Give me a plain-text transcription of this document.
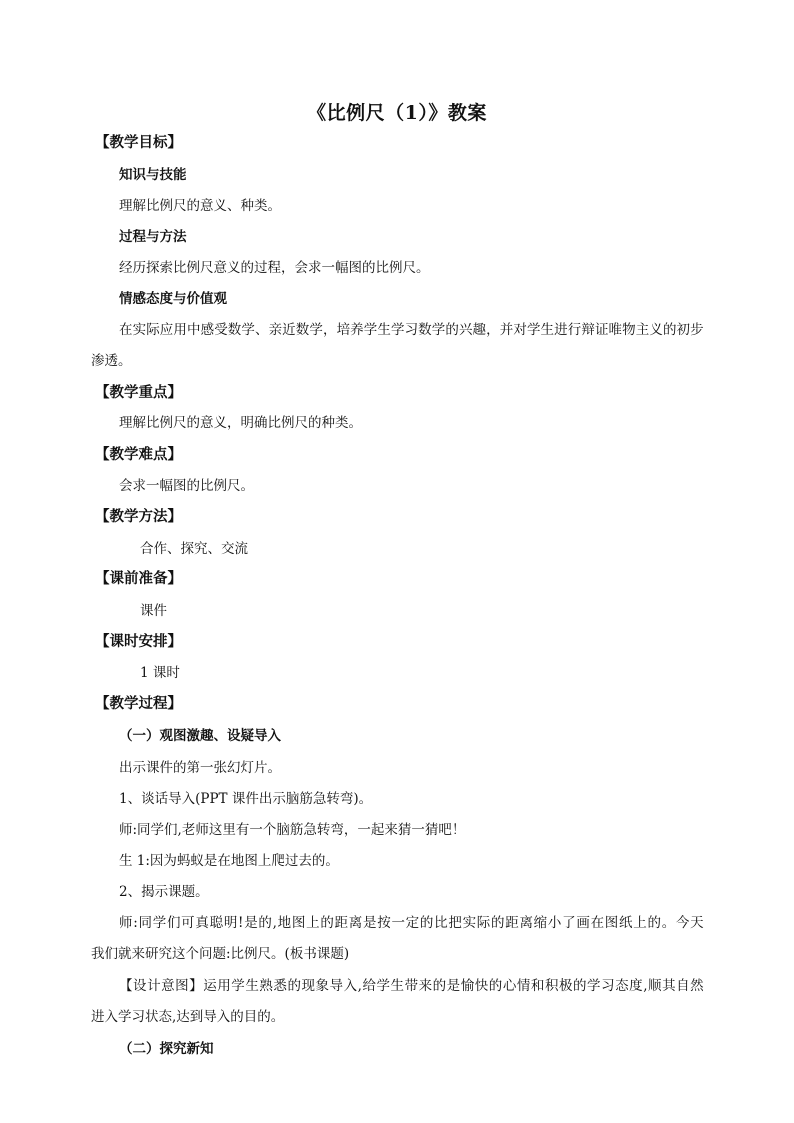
《比例尺（1）》教案
【教学目标】
知识与技能
理解比例尺的意义、种类。
过程与方法
经历探索比例尺意义的过程，会求一幅图的比例尺。
情感态度与价值观
在实际应用中感受数学、亲近数学，培养学生学习数学的兴趣，并对学生进行辩证唯物主义的初步
渗透。
【教学重点】
理解比例尺的意义，明确比例尺的种类。
【教学难点】
会求一幅图的比例尺。
【教学方法】
合作、探究、交流
【课前准备】
课件
【课时安排】
1 课时
【教学过程】
（一）观图激趣、设疑导入
出示课件的第一张幻灯片。
1、谈话导入(PPT 课件出示脑筋急转弯)。
师:同学们,老师这里有一个脑筋急转弯，一起来猜一猜吧！
生 1:因为蚂蚁是在地图上爬过去的。
2、揭示课题。
师:同学们可真聪明!是的,地图上的距离是按一定的比把实际的距离缩小了画在图纸上的。今天
我们就来研究这个问题:比例尺。(板书课题)
【设计意图】运用学生熟悉的现象导入,给学生带来的是愉快的心情和积极的学习态度,顺其自然
进入学习状态,达到导入的目的。
（二）探究新知
